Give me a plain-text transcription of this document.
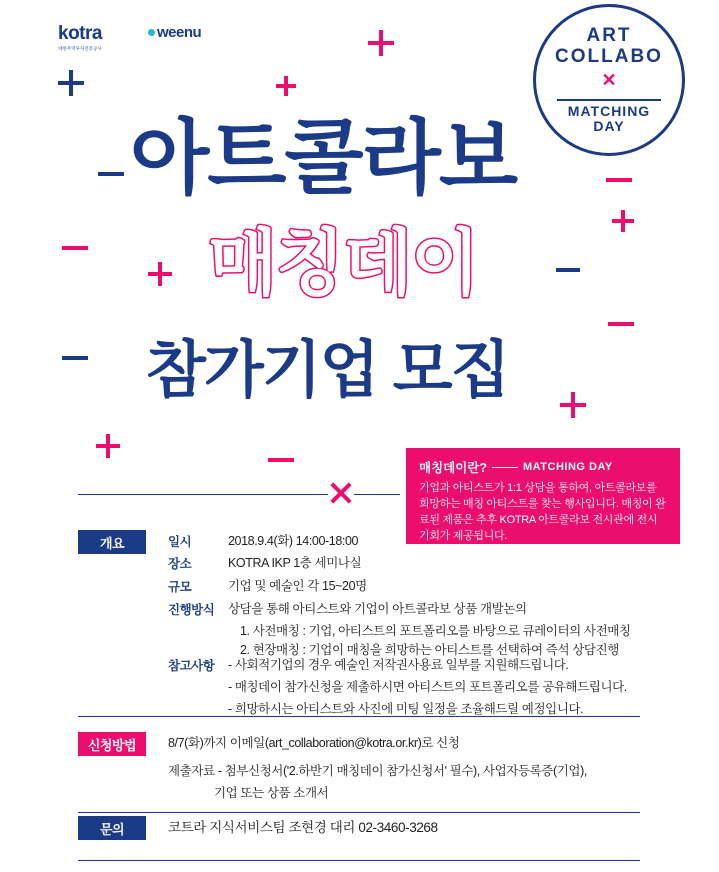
kotra
대한무역투자진흥공사
weenu	ART
COLLABO
✕
MATCHING
DAY
아트콜라보
매칭데이
참가기업 모집
매칭데이란?	MATCHING DAY
기업과 아티스트가 1:1 상담을 통하여, 아트콜라보를 희망하는 매칭 아티스트를 찾는 행사입니다. 매칭이 완료된 제품은 추후 KOTRA 아트콜라보 전시관에 전시 기회가 제공됩니다.
개요	일시	2018.9.4(화) 14:00-18:00
장소	KOTRA IKP 1층 세미나실
규모	기업 및 예술인 각 15~20명
진행방식 상담을 통해 아티스트와 기업이 아트콜라보 상품 개발논의
1. 사전매칭 : 기업, 아티스트의 포트폴리오를 바탕으로 큐레이터의 사전매칭
2. 현장매칭 : 기업이 매칭을 희망하는 아티스트를 선택하여 즉석 상담진행
참고사항 - 사회적기업의 경우 예술인 저작권사용료 일부를 지원해드립니다.
- 매칭데이 참가신청을 제출하시면 아티스트의 포트폴리오를 공유해드립니다.
- 희망하시는 아티스트와 사진에 미팅 일정을 조율해드릴 예정입니다.
신청방법	8/7(화)까지 이메일(art_collaboration@kotra.or.kr)로 신청
제출자료 - 첨부신청서('2.하반기 매칭데이 참가신청서' 필수), 사업자등록증(기업),
기업 또는 상품 소개서
문의	코트라 지식서비스팀 조현경 대리 02-3460-3268
